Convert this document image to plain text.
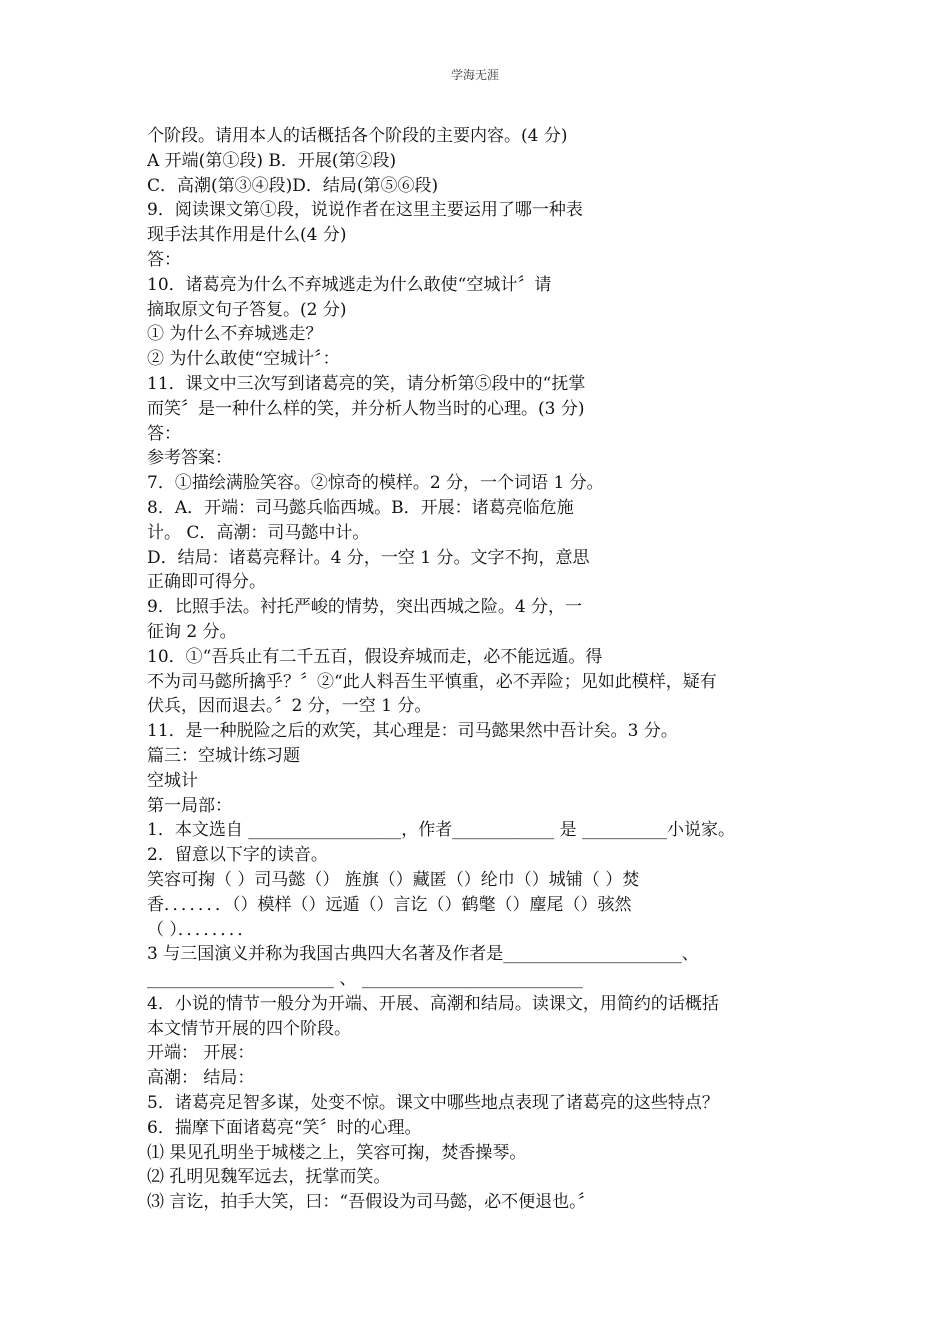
学海无涯
个阶段。请用本人的话概括各个阶段的主要内容。(4 分)
A 开端(第①段) B．开展(第②段)
C．高潮(第③④段)D．结局(第⑤⑥段)
9．阅读课文第①段，说说作者在这里主要运用了哪一种表
现手法其作用是什么(4 分)
答：
10．诸葛亮为什么不弃城逃走为什么敢使“空城计〞请
摘取原文句子答复。(2 分)
① 为什么不弃城逃走？
② 为什么敢使“空城计〞：
11．课文中三次写到诸葛亮的笑，请分析第⑤段中的“抚掌
而笑〞是一种什么样的笑，并分析人物当时的心理。(3 分)
答：
参考答案：
7．①描绘满脸笑容。②惊奇的模样。2 分，一个词语 1 分。
8．A．开端：司马懿兵临西城。B．开展：诸葛亮临危施
计。 C．高潮：司马懿中计。
D．结局：诸葛亮释计。4 分，一空 1 分。文字不拘，意思
正确即可得分。
9．比照手法。衬托严峻的情势，突出西城之险。4 分，一
征询 2 分。
10．①“吾兵止有二千五百，假设弃城而走，必不能远遁。得
不为司马懿所擒乎？〞②“此人料吾生平慎重，必不弄险；见如此模样，疑有
伏兵，因而退去。〞2 分，一空 1 分。
11．是一种脱险之后的欢笑，其心理是：司马懿果然中吾计矣。3 分。
篇三：空城计练习题
空城计
第一局部：
1．本文选自 __________________，作者____________ 是 __________小说家。
2．留意以下字的读音。
笑容可掬（ ）司马懿（） 旌旗（）藏匿（）纶巾（）城铺（ ）焚
香．．．．．．．（）模样（）远遁（）言讫（）鹤氅（）麈尾（）骇然
（ ）．．．．．．．．
3 与三国演义并称为我国古典四大名著及作者是_____________________、
______________________ 、 __________________________
4．小说的情节一般分为开端、开展、高潮和结局。读课文，用简约的话概括
本文情节开展的四个阶段。
开端： 开展：
高潮： 结局：
5．诸葛亮足智多谋，处变不惊。课文中哪些地点表现了诸葛亮的这些特点？
6．揣摩下面诸葛亮“笑〞时的心理。
⑴ 果见孔明坐于城楼之上，笑容可掬，焚香操琴。
⑵ 孔明见魏军远去，抚掌而笑。
⑶ 言讫，拍手大笑，曰：“吾假设为司马懿，必不便退也。〞
